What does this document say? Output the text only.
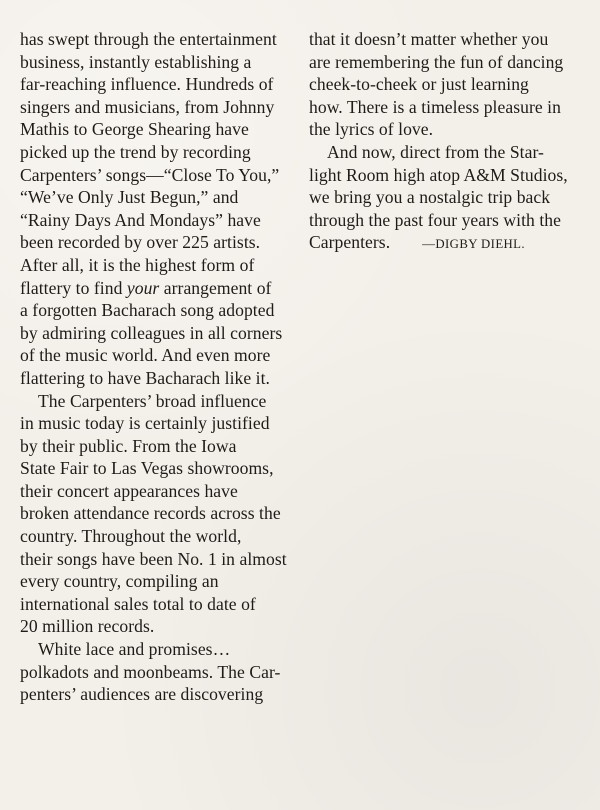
has swept through the entertainment
business, instantly establishing a
far-reaching influence. Hundreds of
singers and musicians, from Johnny
Mathis to George Shearing have
picked up the trend by recording
Carpenters’ songs—“Close To You,”
“We’ve Only Just Begun,” and
“Rainy Days And Mondays” have
been recorded by over 225 artists.
After all, it is the highest form of
flattery to find your arrangement of
a forgotten Bacharach song adopted
by admiring colleagues in all corners
of the music world. And even more
flattering to have Bacharach like it.
The Carpenters’ broad influence
in music today is certainly justified
by their public. From the Iowa
State Fair to Las Vegas showrooms,
their concert appearances have
broken attendance records across the
country. Throughout the world,
their songs have been No. 1 in almost
every country, compiling an
international sales total to date of
20 million records.
White lace and promises…
polkadots and moonbeams. The Car-
penters’ audiences are discovering
that it doesn’t matter whether you
are remembering the fun of dancing
cheek-to-cheek or just learning
how. There is a timeless pleasure in
the lyrics of love.
And now, direct from the Star-
light Room high atop A&M Studios,
we bring you a nostalgic trip back
through the past four years with the
Carpenters.	—DIGBY DIEHL.
